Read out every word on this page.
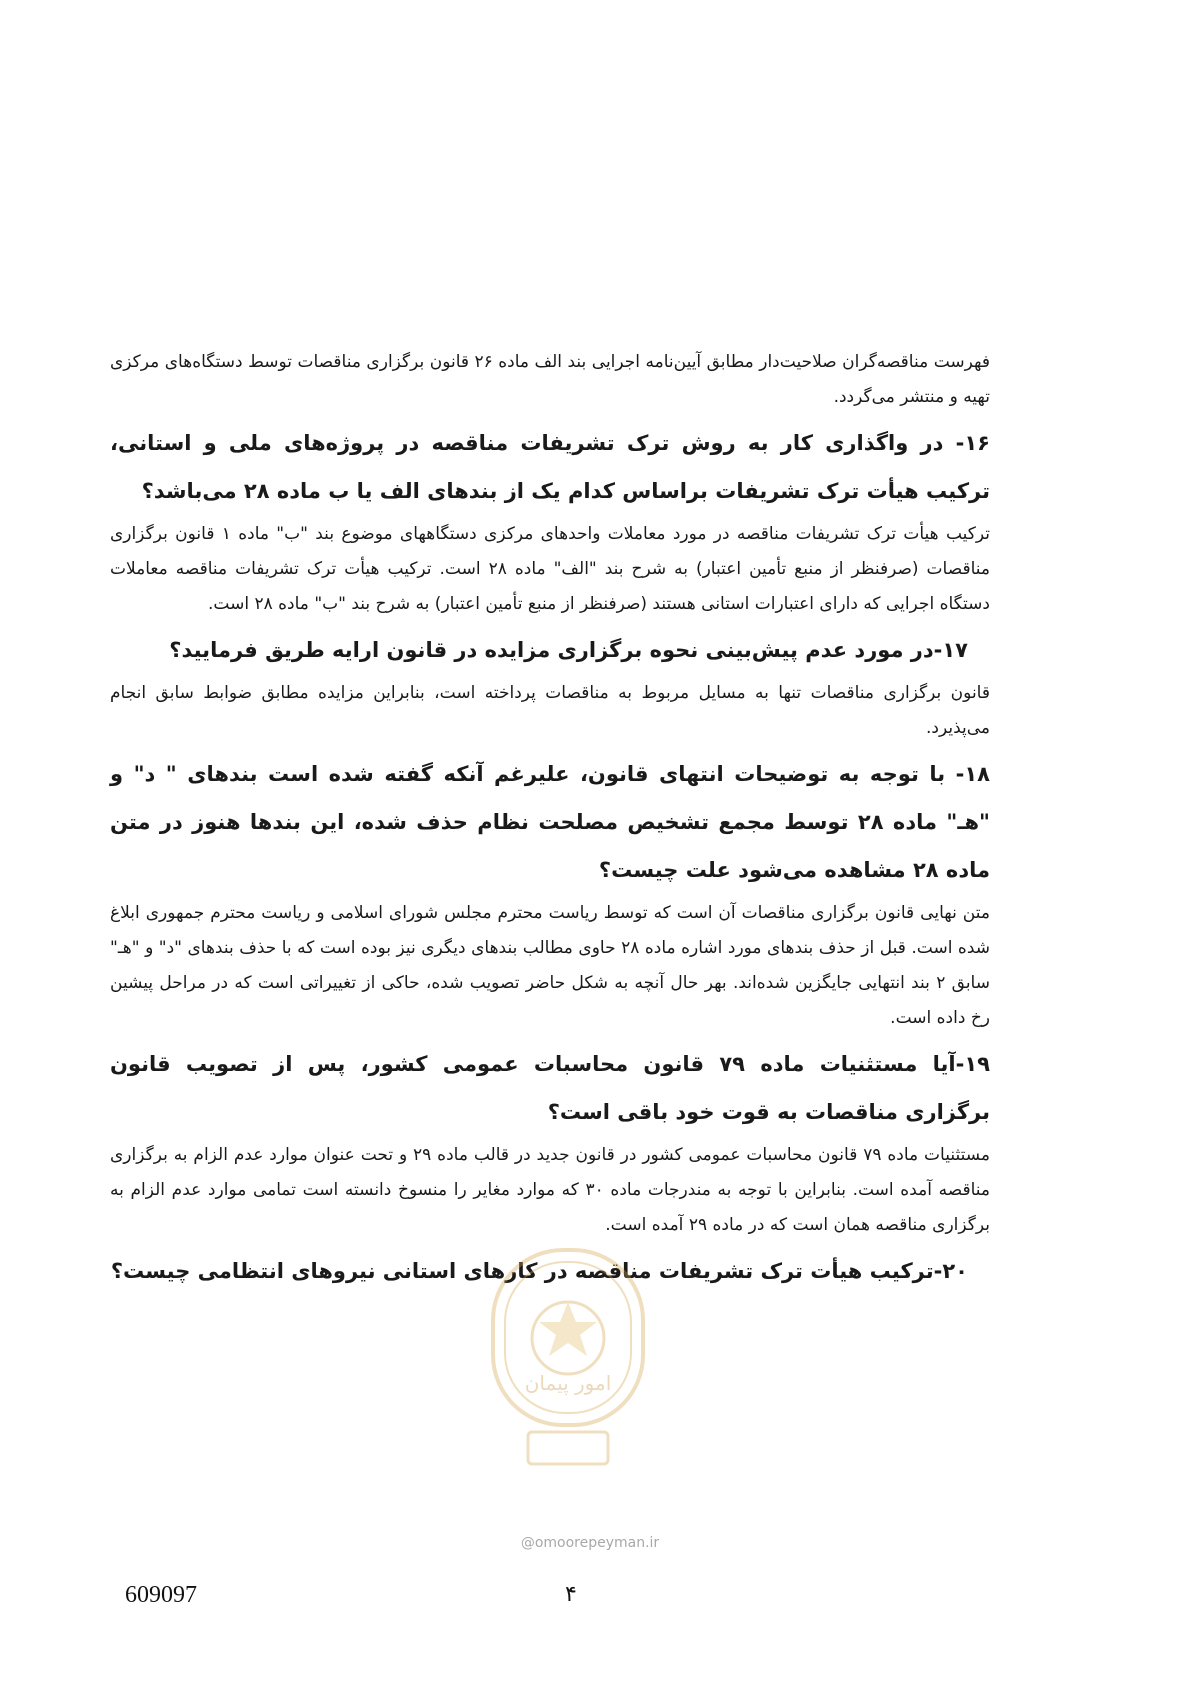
فهرست مناقصه‌گران صلاحیت‌دار مطابق آیین‌نامه اجرایی بند الف ماده ۲۶ قانون برگزاری مناقصات توسط دستگاه‌های مرکزی تهیه و منتشر می‌گردد.

۱۶- در واگذاری کار به روش ترک تشریفات مناقصه در پروژه‌های ملی و استانی، ترکیب هیأت ترک تشریفات براساس کدام یک از بندهای الف یا ب ماده ۲۸ می‌باشد؟

ترکیب هیأت ترک تشریفات مناقصه در مورد معاملات واحدهای مرکزی دستگاههای موضوع بند "ب" ماده ۱ قانون برگزاری مناقصات (صرفنظر از منبع تأمین اعتبار) به شرح بند "الف" ماده ۲۸ است. ترکیب هیأت ترک تشریفات مناقصه معاملات دستگاه اجرایی که دارای اعتبارات استانی هستند (صرفنظر از منبع تأمین اعتبار) به شرح بند "ب" ماده ۲۸ است.

۱۷-در مورد عدم پیش‌بینی نحوه برگزاری مزایده در قانون ارایه طریق فرمایید؟

قانون برگزاری مناقصات تنها به مسایل مربوط به مناقصات پرداخته است، بنابراین مزایده مطابق ضوابط سابق انجام می‌پذیرد.

۱۸- با توجه به توضیحات انتهای قانون، علیرغم آنکه گفته شده است بندهای " د" و "هـ" ماده ۲۸ توسط مجمع تشخیص مصلحت نظام حذف شده، این بندها هنوز در متن ماده ۲۸ مشاهده می‌شود علت چیست؟

متن نهایی قانون برگزاری مناقصات آن است که توسط ریاست محترم مجلس شورای اسلامی و ریاست محترم جمهوری ابلاغ شده است. قبل از حذف بندهای مورد اشاره ماده ۲۸ حاوی مطالب بندهای دیگری نیز بوده است که با حذف بندهای "د" و "هـ" سابق ۲ بند انتهایی جایگزین شده‌اند. بهر حال آنچه به شکل حاضر تصویب شده، حاکی از تغییراتی است که در مراحل پیشین رخ داده است.

۱۹-آیا مستثنیات ماده ۷۹ قانون محاسبات عمومی کشور، پس از تصویب قانون برگزاری مناقصات به قوت خود باقی است؟

مستثنیات ماده ۷۹ قانون محاسبات عمومی کشور در قانون جدید در قالب ماده ۲۹ و تحت عنوان موارد عدم الزام به برگزاری مناقصه آمده است. بنابراین با توجه به مندرجات ماده ۳۰ که موارد مغایر را منسوخ دانسته است تمامی موارد عدم الزام به برگزاری مناقصه همان است که در ماده ۲۹ آمده است.

۲۰-ترکیب هیأت ترک تشریفات مناقصه در کارهای استانی نیروهای انتظامی چیست؟

امور پیمان
@omoorepeyman.ir
609097	۴
